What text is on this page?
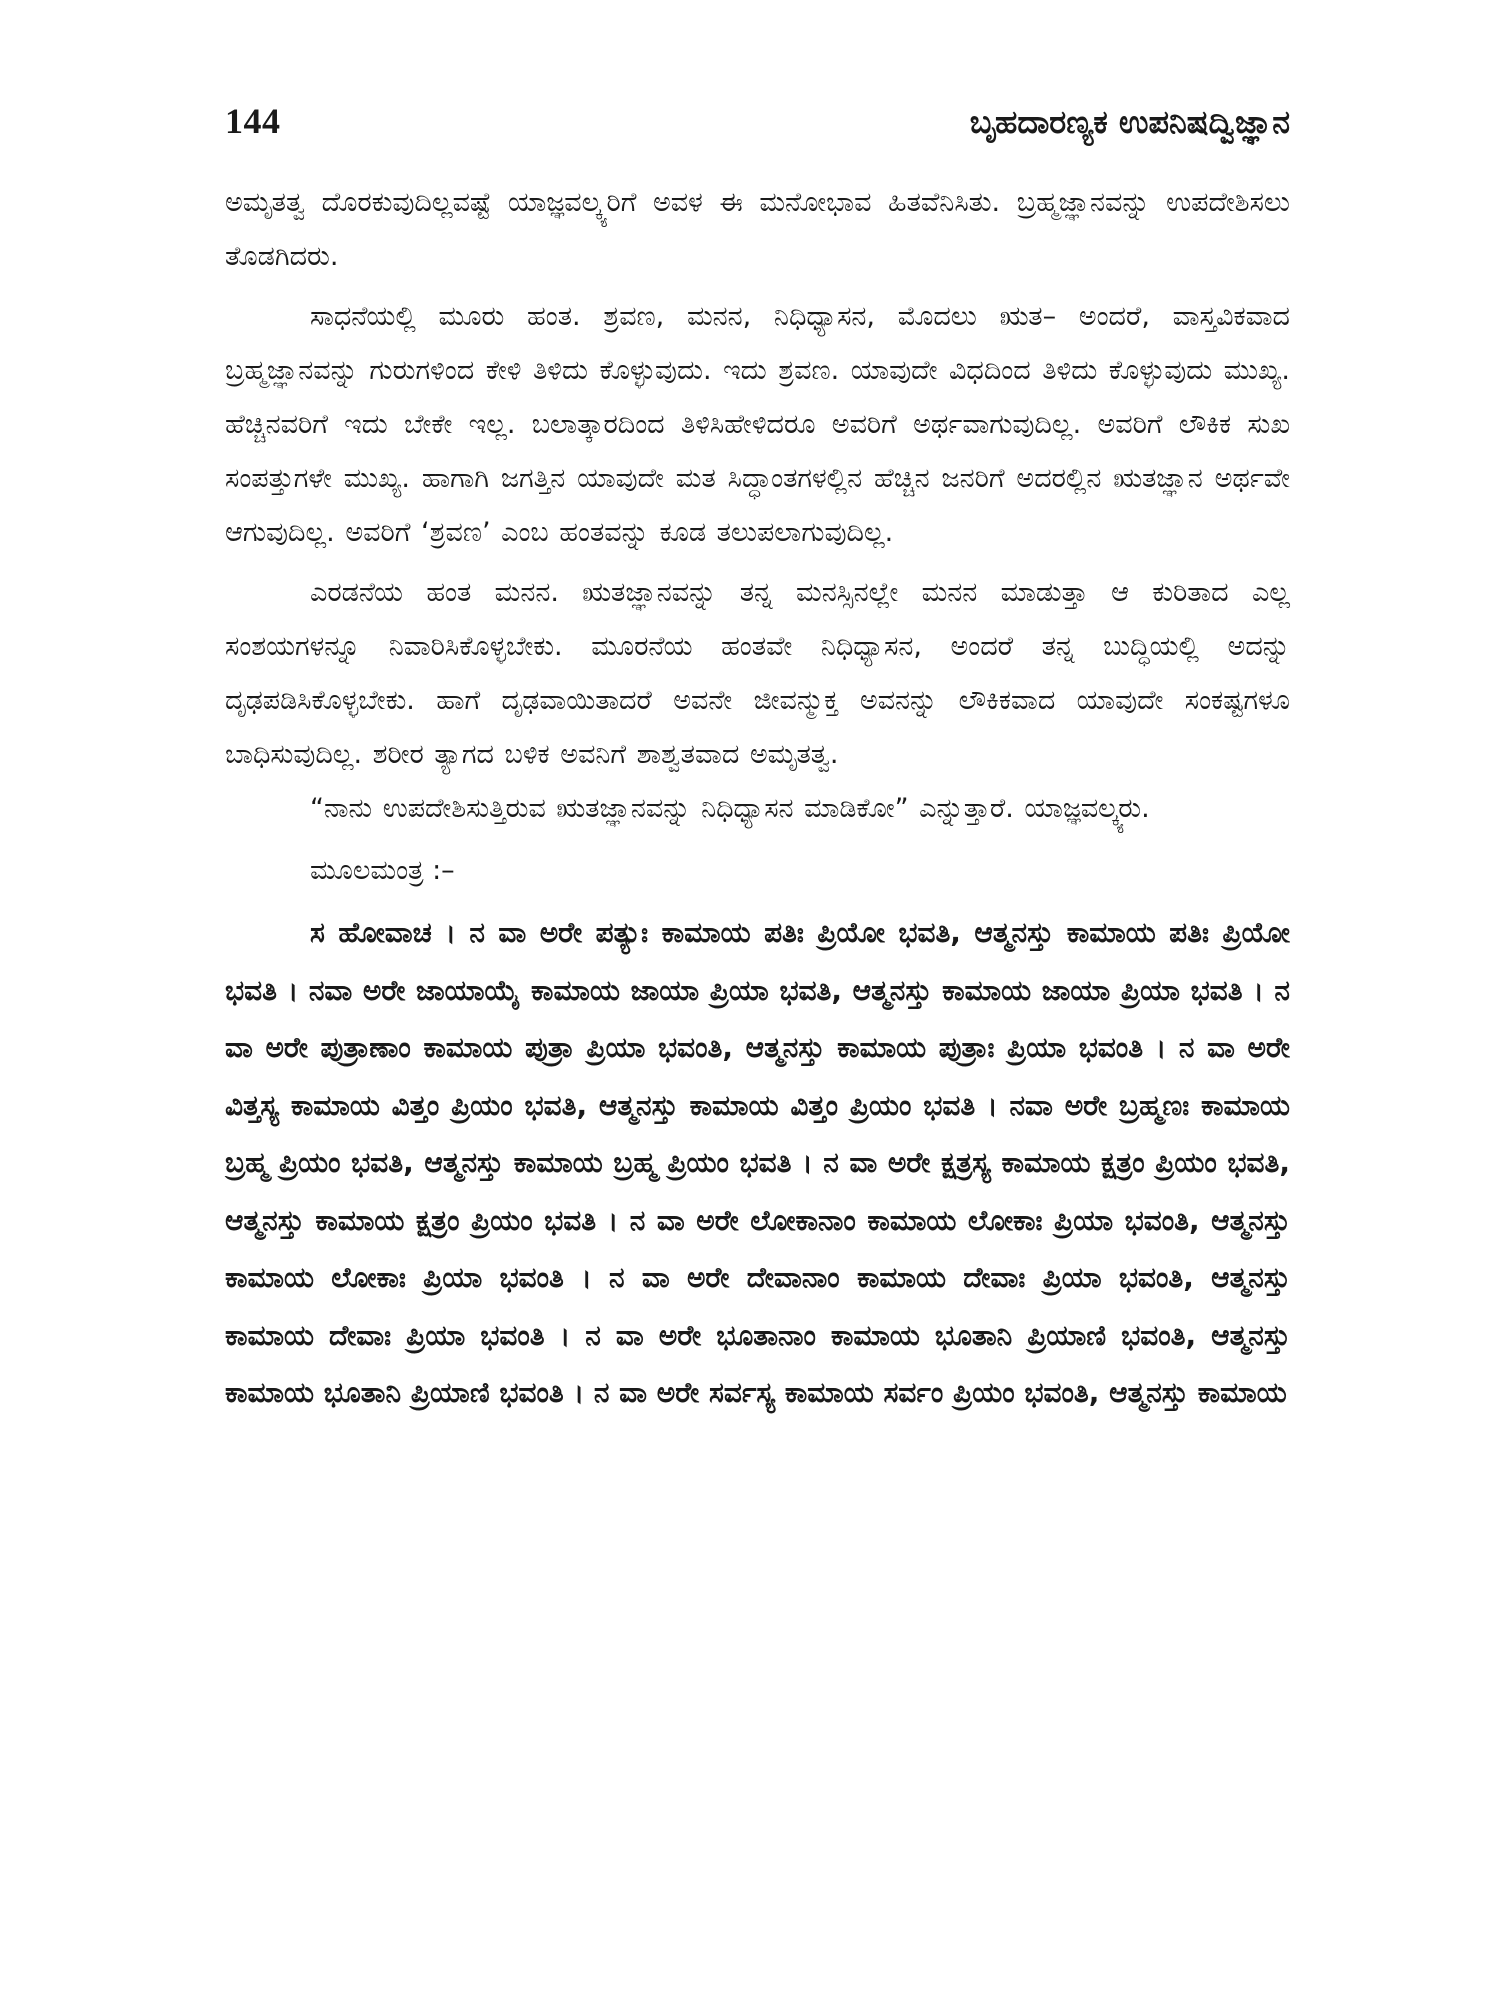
144	ಬೃಹದಾರಣ್ಯಕ ಉಪನಿಷದ್ವಿಜ್ಞಾನ

ಅಮೃತತ್ವ ದೊರಕುವುದಿಲ್ಲವಷ್ಟೆ ಯಾಜ್ಞವಲ್ಕ್ಯರಿಗೆ ಅವಳ ಈ ಮನೋಭಾವ ಹಿತವೆನಿಸಿತು. ಬ್ರಹ್ಮಜ್ಞಾನವನ್ನು ಉಪದೇಶಿಸಲು ತೊಡಗಿದರು.

ಸಾಧನೆಯಲ್ಲಿ ಮೂರು ಹಂತ. ಶ್ರವಣ, ಮನನ, ನಿಧಿಧ್ಯಾಸನ, ಮೊದಲು ಋತ– ಅಂದರೆ, ವಾಸ್ತವಿಕವಾದ ಬ್ರಹ್ಮಜ್ಞಾನವನ್ನು ಗುರುಗಳಿಂದ ಕೇಳಿ ತಿಳಿದು ಕೊಳ್ಳುವುದು. ಇದು ಶ್ರವಣ. ಯಾವುದೇ ವಿಧದಿಂದ ತಿಳಿದು ಕೊಳ್ಳುವುದು ಮುಖ್ಯ. ಹೆಚ್ಚಿನವರಿಗೆ ಇದು ಬೇಕೇ ಇಲ್ಲ. ಬಲಾತ್ಕಾರದಿಂದ ತಿಳಿಸಿಹೇಳಿದರೂ ಅವರಿಗೆ ಅರ್ಥವಾಗುವುದಿಲ್ಲ. ಅವರಿಗೆ ಲೌಕಿಕ ಸುಖ ಸಂಪತ್ತುಗಳೇ ಮುಖ್ಯ. ಹಾಗಾಗಿ ಜಗತ್ತಿನ ಯಾವುದೇ ಮತ ಸಿದ್ಧಾಂತಗಳಲ್ಲಿನ ಹೆಚ್ಚಿನ ಜನರಿಗೆ ಅದರಲ್ಲಿನ ಋತಜ್ಞಾನ ಅರ್ಥವೇ ಆಗುವುದಿಲ್ಲ. ಅವರಿಗೆ ‘ಶ್ರವಣ’ ಎಂಬ ಹಂತವನ್ನು ಕೂಡ ತಲುಪಲಾಗುವುದಿಲ್ಲ.

ಎರಡನೆಯ ಹಂತ ಮನನ. ಋತಜ್ಞಾನವನ್ನು ತನ್ನ ಮನಸ್ಸಿನಲ್ಲೇ ಮನನ ಮಾಡುತ್ತಾ ಆ ಕುರಿತಾದ ಎಲ್ಲ ಸಂಶಯಗಳನ್ನೂ ನಿವಾರಿಸಿಕೊಳ್ಳಬೇಕು. ಮೂರನೆಯ ಹಂತವೇ ನಿಧಿಧ್ಯಾಸನ, ಅಂದರೆ ತನ್ನ ಬುದ್ಧಿಯಲ್ಲಿ ಅದನ್ನು ದೃಢಪಡಿಸಿಕೊಳ್ಳಬೇಕು. ಹಾಗೆ ದೃಢವಾಯಿತಾದರೆ ಅವನೇ ಜೀವನ್ಮುಕ್ತ ಅವನನ್ನು ಲೌಕಿಕವಾದ ಯಾವುದೇ ಸಂಕಷ್ಟಗಳೂ ಬಾಧಿಸುವುದಿಲ್ಲ. ಶರೀರ ತ್ಯಾಗದ ಬಳಿಕ ಅವನಿಗೆ ಶಾಶ್ವತವಾದ ಅಮೃತತ್ವ.

“ನಾನು ಉಪದೇಶಿಸುತ್ತಿರುವ ಋತಜ್ಞಾನವನ್ನು ನಿಧಿಧ್ಯಾಸನ ಮಾಡಿಕೋ” ಎನ್ನುತ್ತಾರೆ. ಯಾಜ್ಞವಲ್ಕ್ಯರು.

ಮೂಲಮಂತ್ರ :–

ಸ ಹೋವಾಚ । ನ ವಾ ಅರೇ ಪತ್ಯುಃ ಕಾಮಾಯ ಪತಿಃ ಪ್ರಿಯೋ ಭವತಿ, ಆತ್ಮನಸ್ತು ಕಾಮಾಯ ಪತಿಃ ಪ್ರಿಯೋ ಭವತಿ । ನವಾ ಅರೇ ಜಾಯಾಯೈ ಕಾಮಾಯ ಜಾಯಾ ಪ್ರಿಯಾ ಭವತಿ, ಆತ್ಮನಸ್ತು ಕಾಮಾಯ ಜಾಯಾ ಪ್ರಿಯಾ ಭವತಿ । ನ ವಾ ಅರೇ ಪುತ್ರಾಣಾಂ ಕಾಮಾಯ ಪುತ್ರಾ ಪ್ರಿಯಾ ಭವಂತಿ, ಆತ್ಮನಸ್ತು ಕಾಮಾಯ ಪುತ್ರಾಃ ಪ್ರಿಯಾ ಭವಂತಿ । ನ ವಾ ಅರೇ ವಿತ್ತಸ್ಯ ಕಾಮಾಯ ವಿತ್ತಂ ಪ್ರಿಯಂ ಭವತಿ, ಆತ್ಮನಸ್ತು ಕಾಮಾಯ ವಿತ್ತಂ ಪ್ರಿಯಂ ಭವತಿ । ನವಾ ಅರೇ ಬ್ರಹ್ಮಣಃ ಕಾಮಾಯ ಬ್ರಹ್ಮ ಪ್ರಿಯಂ ಭವತಿ, ಆತ್ಮನಸ್ತು ಕಾಮಾಯ ಬ್ರಹ್ಮ ಪ್ರಿಯಂ ಭವತಿ । ನ ವಾ ಅರೇ ಕ್ಷತ್ರಸ್ಯ ಕಾಮಾಯ ಕ್ಷತ್ರಂ ಪ್ರಿಯಂ ಭವತಿ, ಆತ್ಮನಸ್ತು ಕಾಮಾಯ ಕ್ಷತ್ರಂ ಪ್ರಿಯಂ ಭವತಿ । ನ ವಾ ಅರೇ ಲೋಕಾನಾಂ ಕಾಮಾಯ ಲೋಕಾಃ ಪ್ರಿಯಾ ಭವಂತಿ, ಆತ್ಮನಸ್ತು ಕಾಮಾಯ ಲೋಕಾಃ ಪ್ರಿಯಾ ಭವಂತಿ । ನ ವಾ ಅರೇ ದೇವಾನಾಂ ಕಾಮಾಯ ದೇವಾಃ ಪ್ರಿಯಾ ಭವಂತಿ, ಆತ್ಮನಸ್ತು ಕಾಮಾಯ ದೇವಾಃ ಪ್ರಿಯಾ ಭವಂತಿ । ನ ವಾ ಅರೇ ಭೂತಾನಾಂ ಕಾಮಾಯ ಭೂತಾನಿ ಪ್ರಿಯಾಣಿ ಭವಂತಿ, ಆತ್ಮನಸ್ತು ಕಾಮಾಯ ಭೂತಾನಿ ಪ್ರಿಯಾಣಿ ಭವಂತಿ । ನ ವಾ ಅರೇ ಸರ್ವಸ್ಯ ಕಾಮಾಯ ಸರ್ವಂ ಪ್ರಿಯಂ ಭವಂತಿ, ಆತ್ಮನಸ್ತು ಕಾಮಾಯ
